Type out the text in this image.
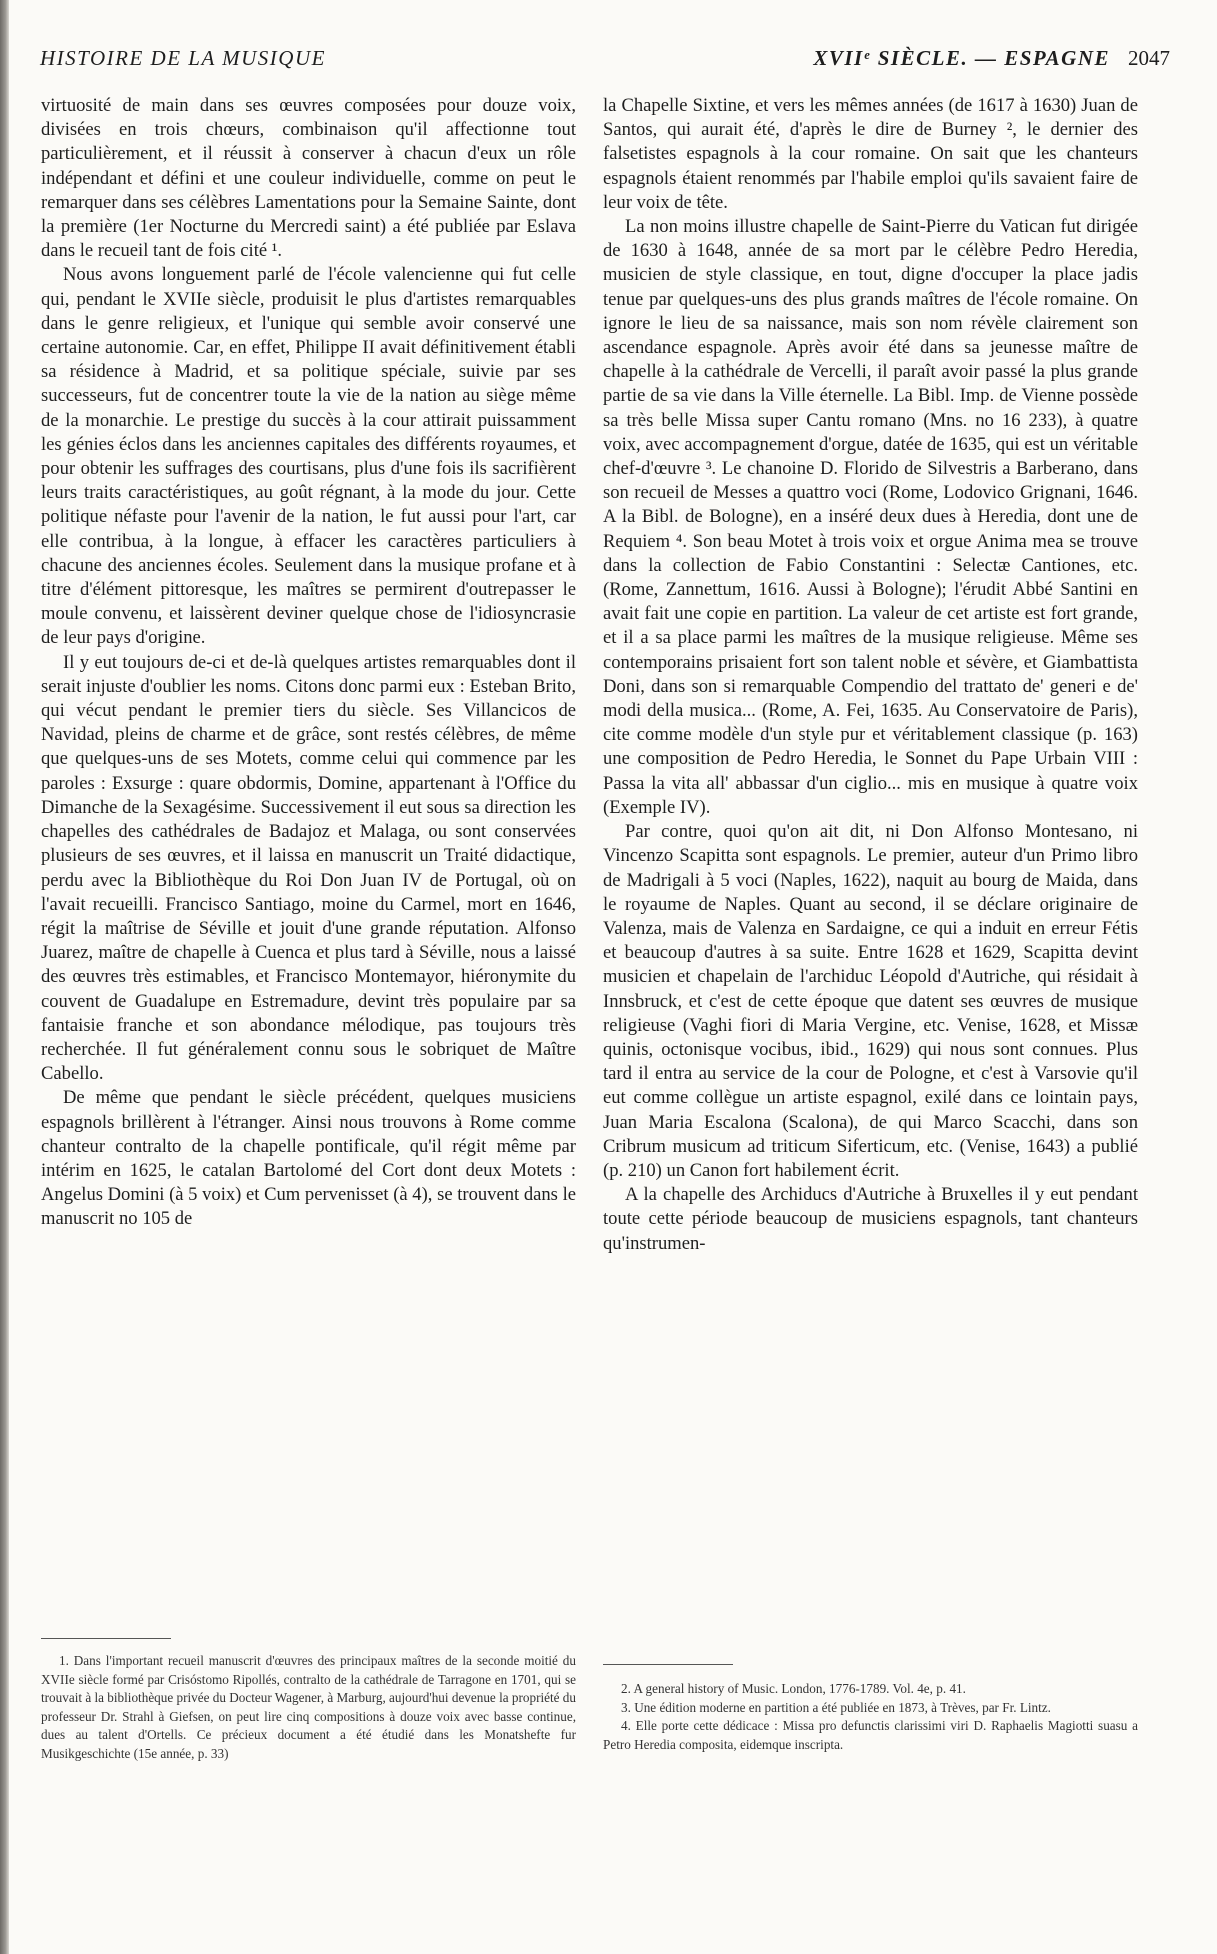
HISTOIRE DE LA MUSIQUE	XVIIᵉ SIÈCLE. — ESPAGNE 2047

virtuosité de main dans ses œuvres composées pour douze voix, divisées en trois chœurs, combinaison qu'il affectionne tout particulièrement, et il réussit à conserver à chacun d'eux un rôle indépendant et défini et une couleur individuelle, comme on peut le remarquer dans ses célèbres Lamentations pour la Semaine Sainte, dont la première (1er Nocturne du Mercredi saint) a été publiée par Eslava dans le recueil tant de fois cité ¹.

Nous avons longuement parlé de l'école valencienne qui fut celle qui, pendant le XVIIe siècle, produisit le plus d'artistes remarquables dans le genre religieux, et l'unique qui semble avoir conservé une certaine autonomie. Car, en effet, Philippe II avait définitivement établi sa résidence à Madrid, et sa politique spéciale, suivie par ses successeurs, fut de concentrer toute la vie de la nation au siège même de la monarchie. Le prestige du succès à la cour attirait puissamment les génies éclos dans les anciennes capitales des différents royaumes, et pour obtenir les suffrages des courtisans, plus d'une fois ils sacrifièrent leurs traits caractéristiques, au goût régnant, à la mode du jour. Cette politique néfaste pour l'avenir de la nation, le fut aussi pour l'art, car elle contribua, à la longue, à effacer les caractères particuliers à chacune des anciennes écoles. Seulement dans la musique profane et à titre d'élément pittoresque, les maîtres se permirent d'outrepasser le moule convenu, et laissèrent deviner quelque chose de l'idiosyncrasie de leur pays d'origine.

Il y eut toujours de-ci et de-là quelques artistes remarquables dont il serait injuste d'oublier les noms. Citons donc parmi eux : Esteban Brito, qui vécut pendant le premier tiers du siècle. Ses Villancicos de Navidad, pleins de charme et de grâce, sont restés célèbres, de même que quelques-uns de ses Motets, comme celui qui commence par les paroles : Exsurge : quare obdormis, Domine, appartenant à l'Office du Dimanche de la Sexagésime. Successivement il eut sous sa direction les chapelles des cathédrales de Badajoz et Malaga, ou sont conservées plusieurs de ses œuvres, et il laissa en manuscrit un Traité didactique, perdu avec la Bibliothèque du Roi Don Juan IV de Portugal, où on l'avait recueilli. Francisco Santiago, moine du Carmel, mort en 1646, régit la maîtrise de Séville et jouit d'une grande réputation. Alfonso Juarez, maître de chapelle à Cuenca et plus tard à Séville, nous a laissé des œuvres très estimables, et Francisco Montemayor, hiéronymite du couvent de Guadalupe en Estremadure, devint très populaire par sa fantaisie franche et son abondance mélodique, pas toujours très recherchée. Il fut généralement connu sous le sobriquet de Maître Cabello.

De même que pendant le siècle précédent, quelques musiciens espagnols brillèrent à l'étranger. Ainsi nous trouvons à Rome comme chanteur contralto de la chapelle pontificale, qu'il régit même par intérim en 1625, le catalan Bartolomé del Cort dont deux Motets : Angelus Domini (à 5 voix) et Cum pervenisset (à 4), se trouvent dans le manuscrit no 105 de

la Chapelle Sixtine, et vers les mêmes années (de 1617 à 1630) Juan de Santos, qui aurait été, d'après le dire de Burney ², le dernier des falsetistes espagnols à la cour romaine. On sait que les chanteurs espagnols étaient renommés par l'habile emploi qu'ils savaient faire de leur voix de tête.

La non moins illustre chapelle de Saint-Pierre du Vatican fut dirigée de 1630 à 1648, année de sa mort par le célèbre Pedro Heredia, musicien de style classique, en tout, digne d'occuper la place jadis tenue par quelques-uns des plus grands maîtres de l'école romaine. On ignore le lieu de sa naissance, mais son nom révèle clairement son ascendance espagnole. Après avoir été dans sa jeunesse maître de chapelle à la cathédrale de Vercelli, il paraît avoir passé la plus grande partie de sa vie dans la Ville éternelle. La Bibl. Imp. de Vienne possède sa très belle Missa super Cantu romano (Mns. no 16 233), à quatre voix, avec accompagnement d'orgue, datée de 1635, qui est un véritable chef-d'œuvre ³. Le chanoine D. Florido de Silvestris a Barberano, dans son recueil de Messes a quattro voci (Rome, Lodovico Grignani, 1646. A la Bibl. de Bologne), en a inséré deux dues à Heredia, dont une de Requiem ⁴. Son beau Motet à trois voix et orgue Anima mea se trouve dans la collection de Fabio Constantini : Selectæ Cantiones, etc. (Rome, Zannettum, 1616. Aussi à Bologne); l'érudit Abbé Santini en avait fait une copie en partition. La valeur de cet artiste est fort grande, et il a sa place parmi les maîtres de la musique religieuse. Même ses contemporains prisaient fort son talent noble et sévère, et Giambattista Doni, dans son si remarquable Compendio del trattato de' generi e de' modi della musica... (Rome, A. Fei, 1635. Au Conservatoire de Paris), cite comme modèle d'un style pur et véritablement classique (p. 163) une composition de Pedro Heredia, le Sonnet du Pape Urbain VIII : Passa la vita all' abbassar d'un ciglio... mis en musique à quatre voix (Exemple IV).

Par contre, quoi qu'on ait dit, ni Don Alfonso Montesano, ni Vincenzo Scapitta sont espagnols. Le premier, auteur d'un Primo libro de Madrigali à 5 voci (Naples, 1622), naquit au bourg de Maida, dans le royaume de Naples. Quant au second, il se déclare originaire de Valenza, mais de Valenza en Sardaigne, ce qui a induit en erreur Fétis et beaucoup d'autres à sa suite. Entre 1628 et 1629, Scapitta devint musicien et chapelain de l'archiduc Léopold d'Autriche, qui résidait à Innsbruck, et c'est de cette époque que datent ses œuvres de musique religieuse (Vaghi fiori di Maria Vergine, etc. Venise, 1628, et Missæ quinis, octonisque vocibus, ibid., 1629) qui nous sont connues. Plus tard il entra au service de la cour de Pologne, et c'est à Varsovie qu'il eut comme collègue un artiste espagnol, exilé dans ce lointain pays, Juan Maria Escalona (Scalona), de qui Marco Scacchi, dans son Cribrum musicum ad triticum Siferticum, etc. (Venise, 1643) a publié (p. 210) un Canon fort habilement écrit.

A la chapelle des Archiducs d'Autriche à Bruxelles il y eut pendant toute cette période beaucoup de musiciens espagnols, tant chanteurs qu'instrumen-

1. Dans l'important recueil manuscrit d'œuvres des principaux maîtres de la seconde moitié du XVIIe siècle formé par Crisóstomo Ripollés, contralto de la cathédrale de Tarragone en 1701, qui se trouvait à la bibliothèque privée du Docteur Wagener, à Marburg, aujourd'hui devenue la propriété du professeur Dr. Strahl à Giefsen, on peut lire cinq compositions à douze voix avec basse continue, dues au talent d'Ortells. Ce précieux document a été étudié dans les Monatshefte fur Musikgeschichte (15e année, p. 33)

2. A general history of Music. London, 1776-1789. Vol. 4e, p. 41.

3. Une édition moderne en partition a été publiée en 1873, à Trèves, par Fr. Lintz.

4. Elle porte cette dédicace : Missa pro defunctis clarissimi viri D. Raphaelis Magiotti suasu a Petro Heredia composita, eidemque inscripta.
